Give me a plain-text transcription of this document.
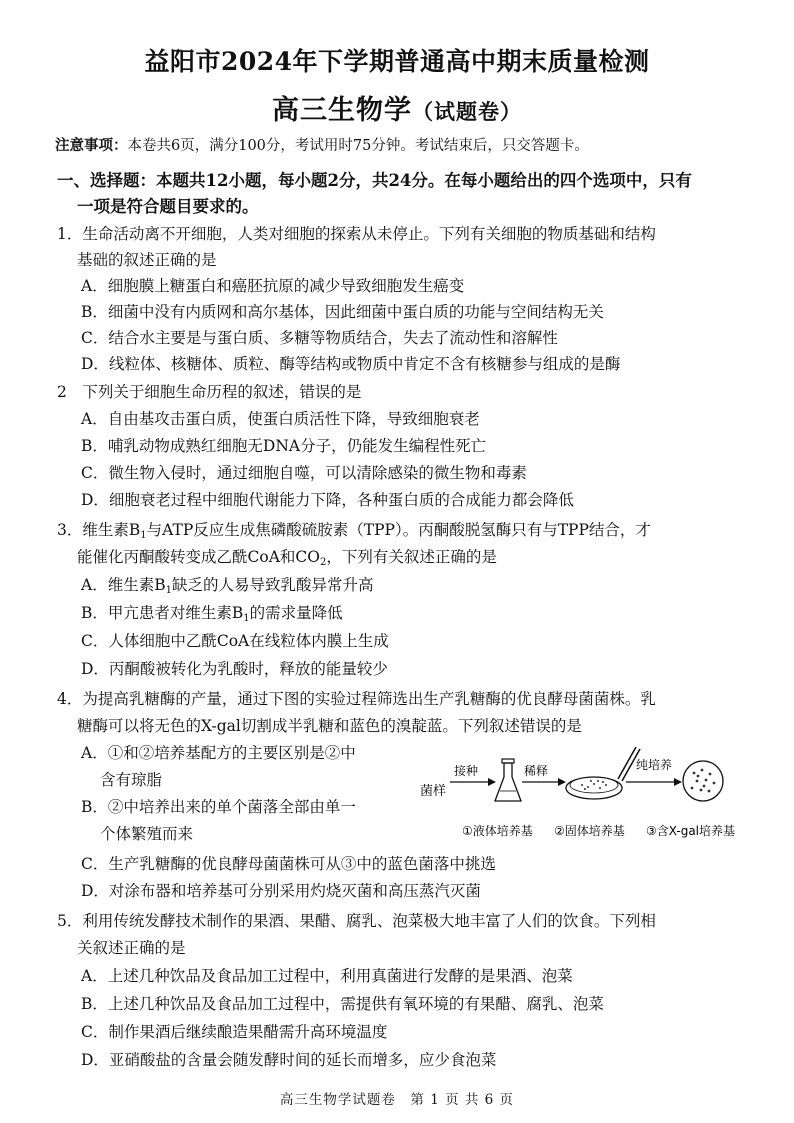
益阳市2024年下学期普通高中期末质量检测
高三生物学（试题卷）
注意事项：本卷共6页，满分100分，考试用时75分钟。考试结束后，只交答题卡。
一、选择题：本题共12小题，每小题2分，共24分。在每小题给出的四个选项中，只有
一项是符合题目要求的。
1．生命活动离不开细胞，人类对细胞的探索从未停止。下列有关细胞的物质基础和结构
基础的叙述正确的是
A．细胞膜上糖蛋白和癌胚抗原的减少导致细胞发生癌变
B．细菌中没有内质网和高尔基体，因此细菌中蛋白质的功能与空间结构无关
C．结合水主要是与蛋白质、多糖等物质结合，失去了流动性和溶解性
D．线粒体、核糖体、质粒、酶等结构或物质中肯定不含有核糖参与组成的是酶
2　下列关于细胞生命历程的叙述，错误的是
A．自由基攻击蛋白质，使蛋白质活性下降，导致细胞衰老
B．哺乳动物成熟红细胞无DNA分子，仍能发生编程性死亡
C．微生物入侵时，通过细胞自噬，可以清除感染的微生物和毒素
D．细胞衰老过程中细胞代谢能力下降，各种蛋白质的合成能力都会降低
3．维生素$B_1$与ATP反应生成焦磷酸硫胺素（TPP）。丙酮酸脱氢酶只有与TPP结合，才
能催化丙酮酸转变成乙酰CoA和$CO_2$，下列有关叙述正确的是
A．维生素$B_1$缺乏的人易导致乳酸异常升高
B．甲亢患者对维生素$B_1$的需求量降低
C．人体细胞中乙酰CoA在线粒体内膜上生成
D．丙酮酸被转化为乳酸时，释放的能量较少
4．为提高乳糖酶的产量，通过下图的实验过程筛选出生产乳糖酶的优良酵母菌菌株。乳
糖酶可以将无色的X-gal切割成半乳糖和蓝色的溴靛蓝。下列叙述错误的是
A．①和②培养基配方的主要区别是②中
含有琼脂
B．②中培养出来的单个菌落全部由单一
个体繁殖而来
C．生产乳糖酶的优良酵母菌菌株可从③中的蓝色菌落中挑选
D．对涂布器和培养基可分别采用灼烧灭菌和高压蒸汽灭菌
菌样
接种	稀释	纯培养
①液体培养基 ②固体培养基 ③含X-gal培养基
5．利用传统发酵技术制作的果酒、果醋、腐乳、泡菜极大地丰富了人们的饮食。下列相
关叙述正确的是
A．上述几种饮品及食品加工过程中，利用真菌进行发酵的是果酒、泡菜
B．上述几种饮品及食品加工过程中，需提供有氧环境的有果醋、腐乳、泡菜
C．制作果酒后继续酿造果醋需升高环境温度
D．亚硝酸盐的含量会随发酵时间的延长而增多，应少食泡菜
高三生物学试题卷　第 1 页 共 6 页
